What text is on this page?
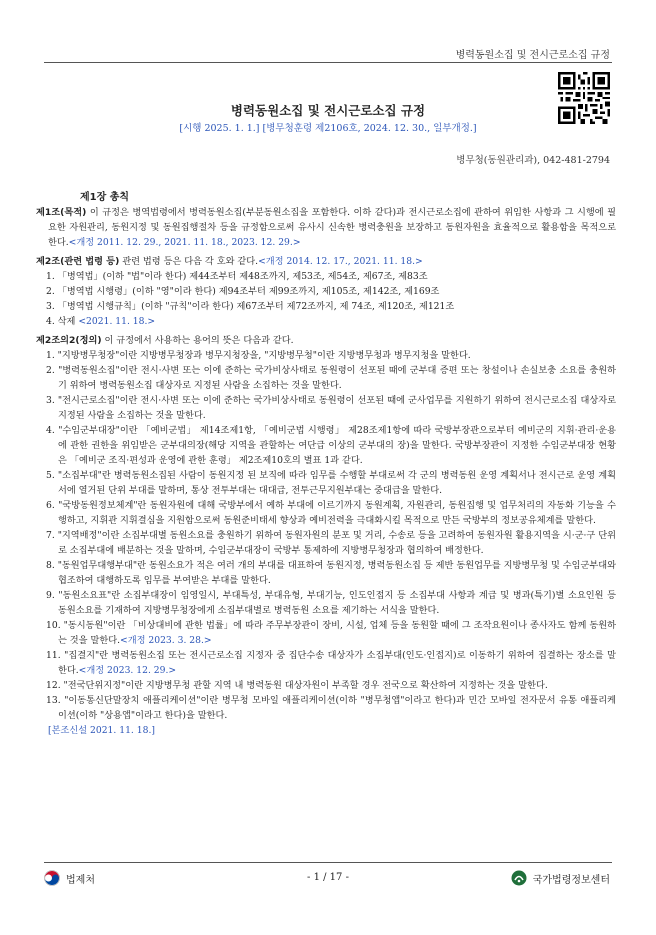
병력동원소집 및 전시근로소집 규정
병력동원소집 및 전시근로소집 규정
[시행 2025. 1. 1.] [병무청훈령 제2106호, 2024. 12. 30., 일부개정.]
병무청(동원관리과), 042-481-2794
제1장 총칙

제1조(목적) 이 규정은 병역법령에서 병력동원소집(부분동원소집을 포함한다. 이하 같다)과 전시근로소집에 관하여 위임한 사항과 그 시행에 필요한 자원관리, 동원지정 및 동원집행절차 등을 규정함으로써 유사시 신속한 병력충원을 보장하고 동원자원을 효율적으로 활용함을 목적으로 한다.<개정 2011. 12. 29., 2021. 11. 18., 2023. 12. 29.>

제2조(관련 법령 등) 관련 법령 등은 다음 각 호와 같다.<개정 2014. 12. 17., 2021. 11. 18.>

1. 「병역법」(이하 "법"이라 한다) 제44조부터 제48조까지, 제53조, 제54조, 제67조, 제83조
2. 「병역법 시행령」(이하 "영"이라 한다) 제94조부터 제99조까지, 제105조, 제142조, 제169조
3. 「병역법 시행규칙」(이하 "규칙"이라 한다) 제67조부터 제72조까지, 제 74조, 제120조, 제121조
4. 삭제 <2021. 11. 18.>

제2조의2(정의) 이 규정에서 사용하는 용어의 뜻은 다음과 같다.

1. "지방병무청장"이란 지방병무청장과 병무지청장을, "지방병무청"이란 지방병무청과 병무지청을 말한다.
2. "병력동원소집"이란 전시·사변 또는 이에 준하는 국가비상사태로 동원령이 선포된 때에 군부대 증편 또는 창설이나 손실보충 소요를 충원하기 위하여 병력동원소집 대상자로 지정된 사람을 소집하는 것을 말한다.
3. "전시근로소집"이란 전시·사변 또는 이에 준하는 국가비상사태로 동원령이 선포된 때에 군사업무를 지원하기 위하여 전시근로소집 대상자로 지정된 사람을 소집하는 것을 말한다.
4. "수임군부대장"이란 「예비군법」 제14조제1항, 「예비군법 시행령」 제28조제1항에 따라 국방부장관으로부터 예비군의 지휘·관리·운용에 관한 권한을 위임받은 군부대의장(해당 지역을 관할하는 여단급 이상의 군부대의 장)을 말한다. 국방부장관이 지정한 수임군부대장 현황은 「예비군 조직·편성과 운영에 관한 훈령」 제2조제10호의 별표 1과 같다.
5. "소집부대"란 병력동원소집된 사람이 동원지정 된 보직에 따라 임무를 수행할 부대로써 각 군의 병력동원 운영 계획서나 전시근로 운영 계획서에 열거된 단위 부대를 말하며, 통상 전투부대는 대대급, 전투근무지원부대는 중대급을 말한다.
6. "국방동원정보체계"란 동원자원에 대해 국방부에서 예하 부대에 이르기까지 동원계획, 자원관리, 동원집행 및 업무처리의 자동화 기능을 수행하고, 지휘관 지휘결심을 지원함으로써 동원준비태세 향상과 예비전력을 극대화시킬 목적으로 만든 국방부의 정보공유체계를 말한다.
7. "지역배정"이란 소집부대별 동원소요를 충원하기 위하여 동원자원의 분포 및 거리, 수송로 등을 고려하여 동원자원 활용지역을 시·군·구 단위로 소집부대에 배분하는 것을 말하며, 수임군부대장이 국방부 통제하에 지방병무청장과 협의하여 배정한다.
8. "동원업무대행부대"란 동원소요가 적은 여러 개의 부대를 대표하여 동원지정, 병력동원소집 등 제반 동원업무를 지방병무청 및 수임군부대와 협조하여 대행하도록 임무를 부여받은 부대를 말한다.
9. "동원소요표"란 소집부대장이 임영일시, 부대특성, 부대유형, 부대기능, 인도인접지 등 소집부대 사항과 계급 및 병과(특기)별 소요인원 등 동원소요를 기재하여 지방병무청장에게 소집부대별로 병력동원 소요를 제기하는 서식을 말한다.
10. "동시동원"이란 「비상대비에 관한 법률」에 따라 주무부장관이 장비, 시설, 업체 등을 동원할 때에 그 조작요원이나 종사자도 함께 동원하는 것을 말한다.<개정 2023. 3. 28.>
11. "집결지"란 병력동원소집 또는 전시근로소집 지정자 중 집단수송 대상자가 소집부대(인도·인접지)로 이동하기 위하여 집결하는 장소를 말한다.<개정 2023. 12. 29.>
12. "전국단위지정"이란 지방병무청 관할 지역 내 병력동원 대상자원이 부족할 경우 전국으로 확산하여 지정하는 것을 말한다.
13. "이동통신단말장치 애플리케이션"이란 병무청 모바일 애플리케이션(이하 "병무청앱"이라고 한다)과 민간 모바일 전자문서 유통 애플리케이션(이하 "상용앱"이라고 한다)을 말한다.
[본조신설 2021. 11. 18.]
법제처	- 1 / 17 -	국가법령정보센터
